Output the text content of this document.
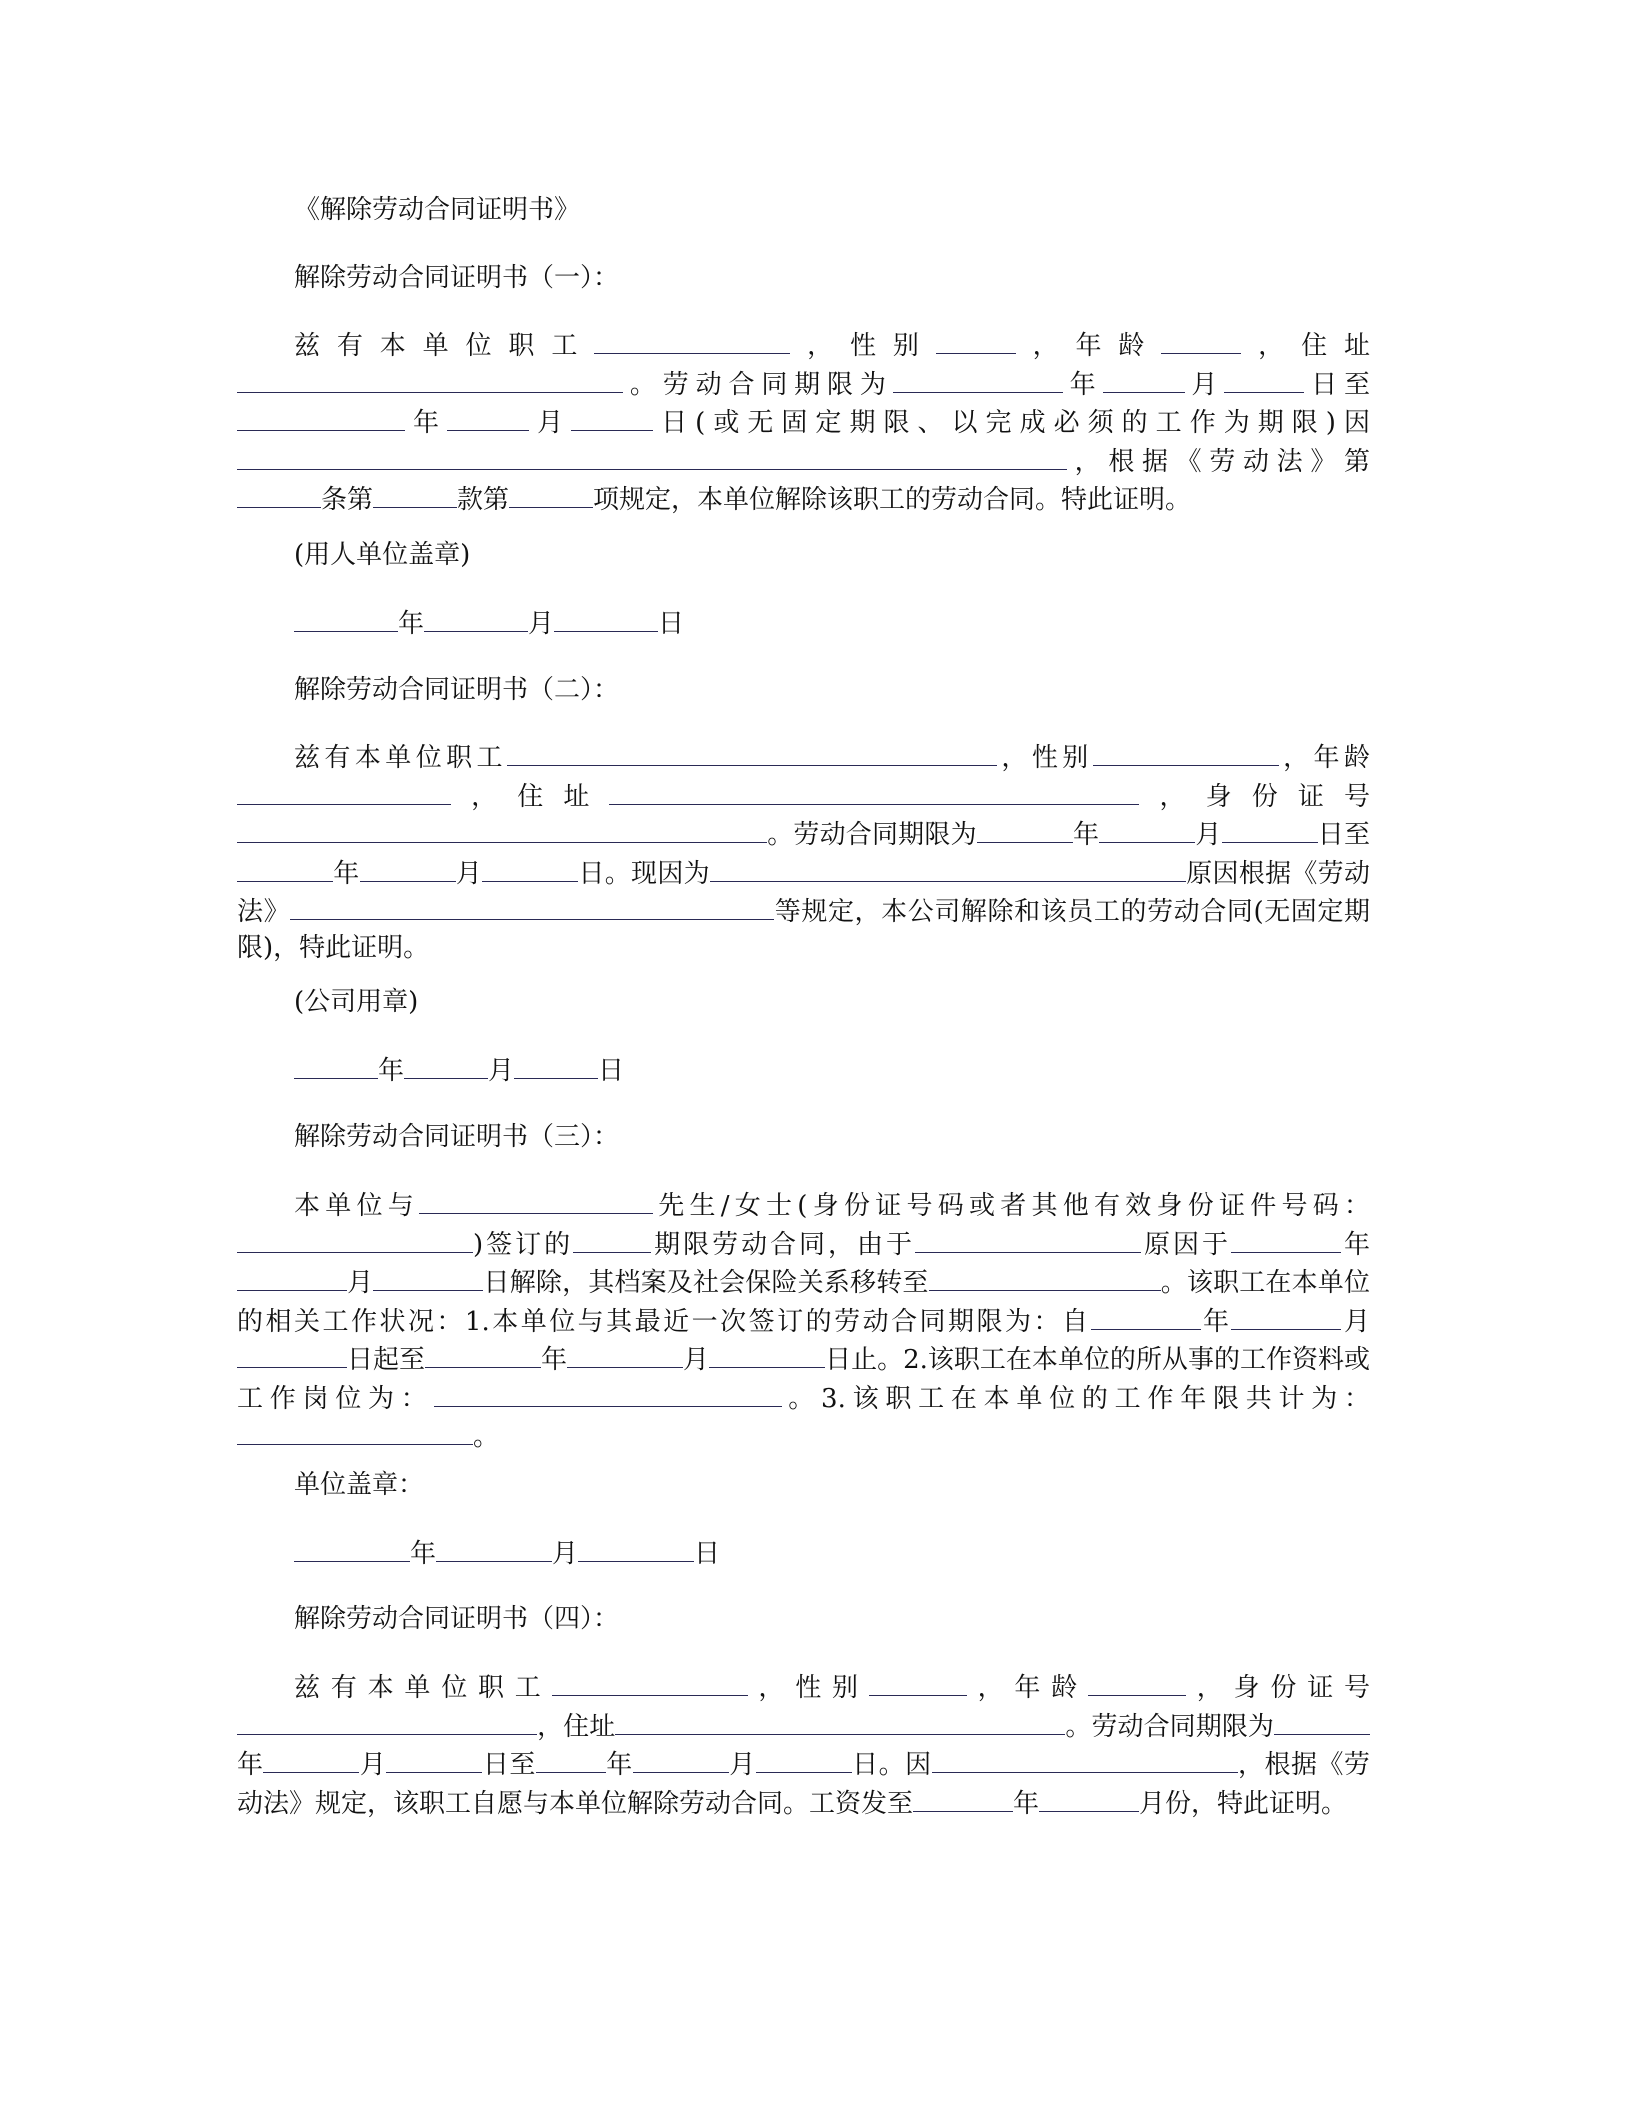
《解除劳动合同证明书》
解除劳动合同证明书（一）：
兹有本单位职工	，性别	，年龄	，住址。劳动合同期限为	年	月	日至年	月	日(或无固定期限、以完成必须的工作为期限)因，根据《劳动法》第条第	款第	项规定，本单位解除该职工的劳动合同。特此证明。
(用人单位盖章)
年	月	日
解除劳动合同证明书（二）：
兹有本单位职工	，性别	，年龄，住址	，身份证号。劳动合同期限为	年	月	日至年	月	日。现因为	原因根据《劳动法》	等规定，本公司解除和该员工的劳动合同(无固定期限)，特此证明。
(公司用章)
年	月	日
解除劳动合同证明书（三）：
本单位与	先生/女士(身份证号码或者其他有效身份证件号码：)签订的	期限劳动合同，由于	原因于	年月	日解除，其档案及社会保险关系移转至	。该职工在本单位的相关工作状况：1.本单位与其最近一次签订的劳动合同期限为：自	年	月日起至	年	月	日止。2.该职工在本单位的所从事的工作资料或工作岗位为：	。3.该职工在本单位的工作年限共计为：。
单位盖章：
年	月	日
解除劳动合同证明书（四）：
兹有本单位职工	，性别	，年龄	，身份证号，住址	。劳动合同期限为年	月	日至	年	月	日。因	，根据《劳动法》规定，该职工自愿与本单位解除劳动合同。工资发至	年	月份，特此证明。
